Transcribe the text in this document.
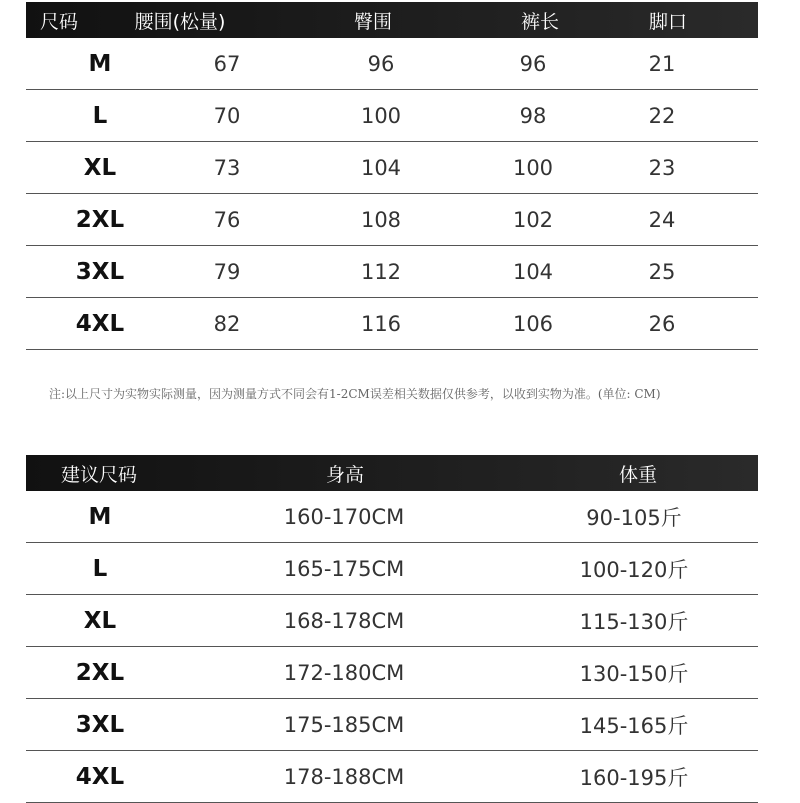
尺码	腰围(松量)	臀围	裤长	脚口
M	67	96	96	21
L	70	100	98	22
XL	73	104	100	23
2XL	76	108	102	24
3XL	79	112	104	25
4XL	82	116	106	26
注:以上尺寸为实物实际测量，因为测量方式不同会有1-2CM误差相关数据仅供参考，以收到实物为准。(单位: CM)
建议尺码	身高	体重
M	160-170CM	90-105斤
L	165-175CM	100-120斤
XL	168-178CM	115-130斤
2XL	172-180CM	130-150斤
3XL	175-185CM	145-165斤
4XL	178-188CM	160-195斤
